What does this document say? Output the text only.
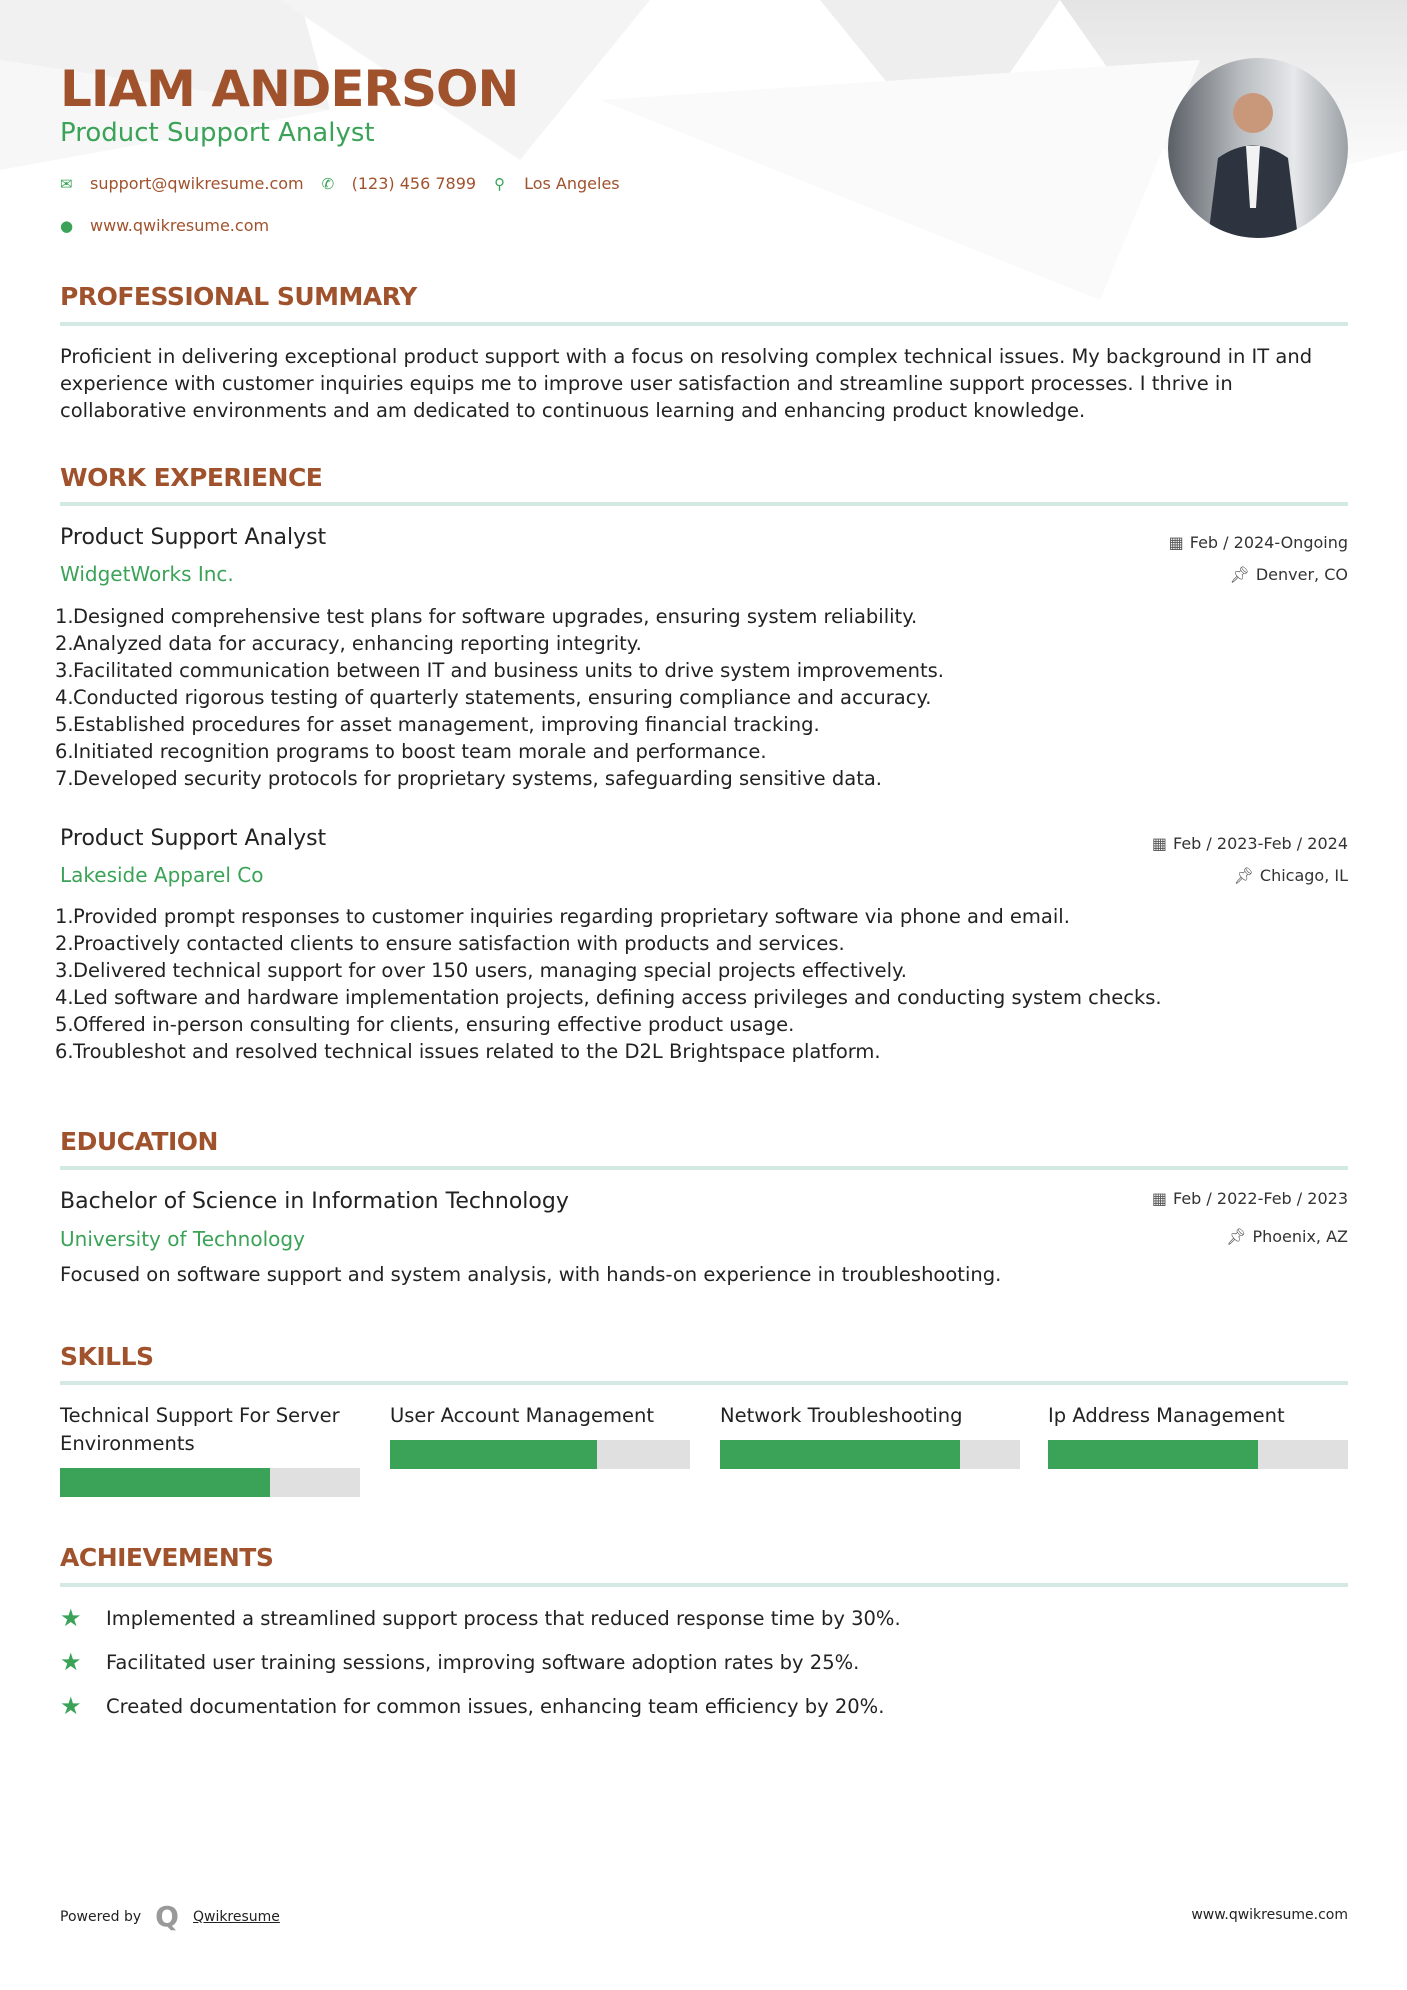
LIAM ANDERSON
Product Support Analyst
✉	support@qwikresume.com ✆	(123) 456 7899 ⚲	Los Angeles
●	www.qwikresume.com
PROFESSIONAL SUMMARY
Proficient in delivering exceptional product support with a focus on resolving complex technical issues. My background in IT and experience with customer inquiries equips me to improve user satisfaction and streamline support processes. I thrive in collaborative environments and am dedicated to continuous learning and enhancing product knowledge.
WORK EXPERIENCE
Product Support Analyst
WidgetWorks Inc.
▦ Feb / 2024-Ongoing
📌︎ Denver, CO
1.Designed comprehensive test plans for software upgrades, ensuring system reliability.
2.Analyzed data for accuracy, enhancing reporting integrity.
3.Facilitated communication between IT and business units to drive system improvements.
4.Conducted rigorous testing of quarterly statements, ensuring compliance and accuracy.
5.Established procedures for asset management, improving financial tracking.
6.Initiated recognition programs to boost team morale and performance.
7.Developed security protocols for proprietary systems, safeguarding sensitive data.
Product Support Analyst
Lakeside Apparel Co
▦ Feb / 2023-Feb / 2024
📌︎ Chicago, IL
1.Provided prompt responses to customer inquiries regarding proprietary software via phone and email.
2.Proactively contacted clients to ensure satisfaction with products and services.
3.Delivered technical support for over 150 users, managing special projects effectively.
4.Led software and hardware implementation projects, defining access privileges and conducting system checks.
5.Offered in-person consulting for clients, ensuring effective product usage.
6.Troubleshot and resolved technical issues related to the D2L Brightspace platform.
EDUCATION
Bachelor of Science in Information Technology
University of Technology
▦ Feb / 2022-Feb / 2023
📌︎ Phoenix, AZ
Focused on software support and system analysis, with hands-on experience in troubleshooting.
SKILLS
Technical Support For Server Environments
User Account Management	Network Troubleshooting	Ip Address Management
ACHIEVEMENTS
★	Implemented a streamlined support process that reduced response time by 30%.
★	Facilitated user training sessions, improving software adoption rates by 25%.
★	Created documentation for common issues, enhancing team efficiency by 20%.
Powered by Q Qwikresume	www.qwikresume.com
